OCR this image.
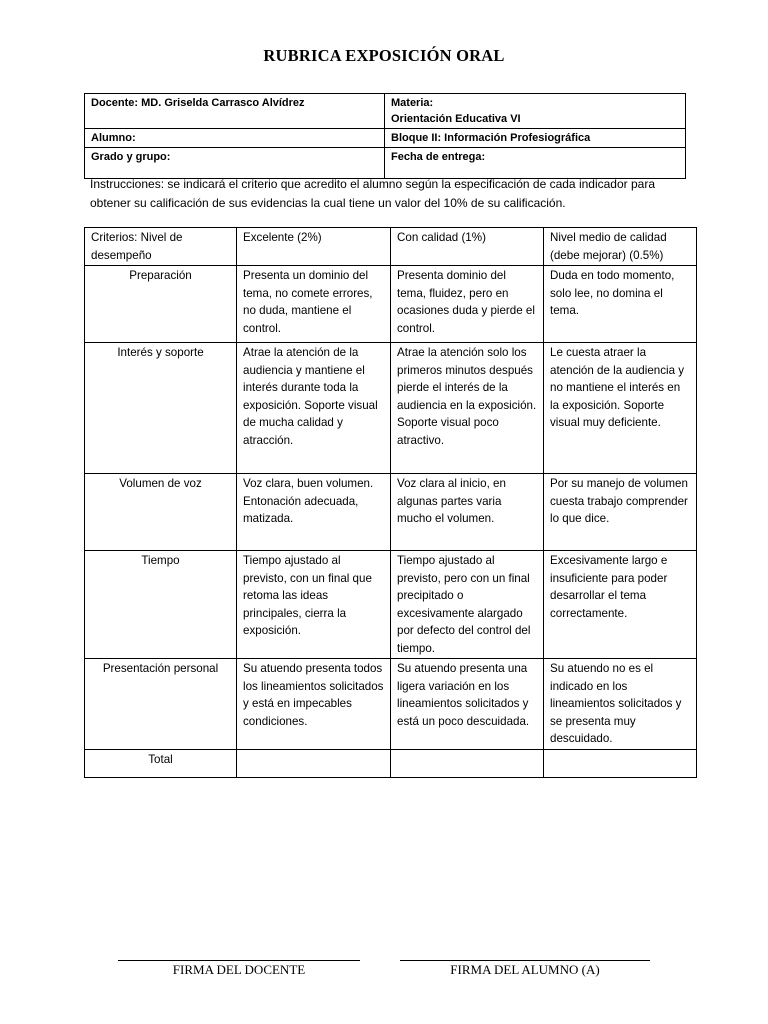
RUBRICA EXPOSICIÓN ORAL
Docente: MD. Griselda Carrasco Alvídrez	Materia:
Orientación Educativa VI

Alumno:	Bloque II: Información Profesiográfica
Grado y grupo:	Fecha de entrega:
Instrucciones: se indicará el criterio que acredito el alumno según la especificación de cada indicador para obtener su calificación de sus evidencias la cual tiene un valor del 10% de su calificación.
Criterios: Nivel de desempeño	Excelente (2%)	Con calidad (1%)	Nivel medio de calidad (debe mejorar) (0.5%)
Preparación	Presenta un dominio del tema, no comete errores, no duda, mantiene el control.	Presenta dominio del tema, fluidez, pero en ocasiones duda y pierde el control.	Duda en todo momento, solo lee, no domina el tema.
Interés y soporte	Atrae la atención de la audiencia y mantiene el interés durante toda la exposición. Soporte visual de mucha calidad y atracción.	Atrae la atención solo los primeros minutos después pierde el interés de la audiencia en la exposición. Soporte visual poco atractivo.	Le cuesta atraer la atención de la audiencia y no mantiene el interés en la exposición. Soporte visual muy deficiente.
Volumen de voz	Voz clara, buen volumen. Entonación adecuada, matizada.	Voz clara al inicio, en algunas partes varia mucho el volumen.	Por su manejo de volumen cuesta trabajo comprender lo que dice.
Tiempo	Tiempo ajustado al previsto, con un final que retoma las ideas principales, cierra la exposición.	Tiempo ajustado al previsto, pero con un final precipitado o excesivamente alargado por defecto del control del tiempo.	Excesivamente largo e insuficiente para poder desarrollar el tema correctamente.
Presentación personal	Su atuendo presenta todos los lineamientos solicitados y está en impecables condiciones.	Su atuendo presenta una ligera variación en los lineamientos solicitados y está un poco descuidada.	Su atuendo no es el indicado en los lineamientos solicitados y se presenta muy descuidado.
Total			
FIRMA DEL DOCENTE	FIRMA DEL ALUMNO (A)
